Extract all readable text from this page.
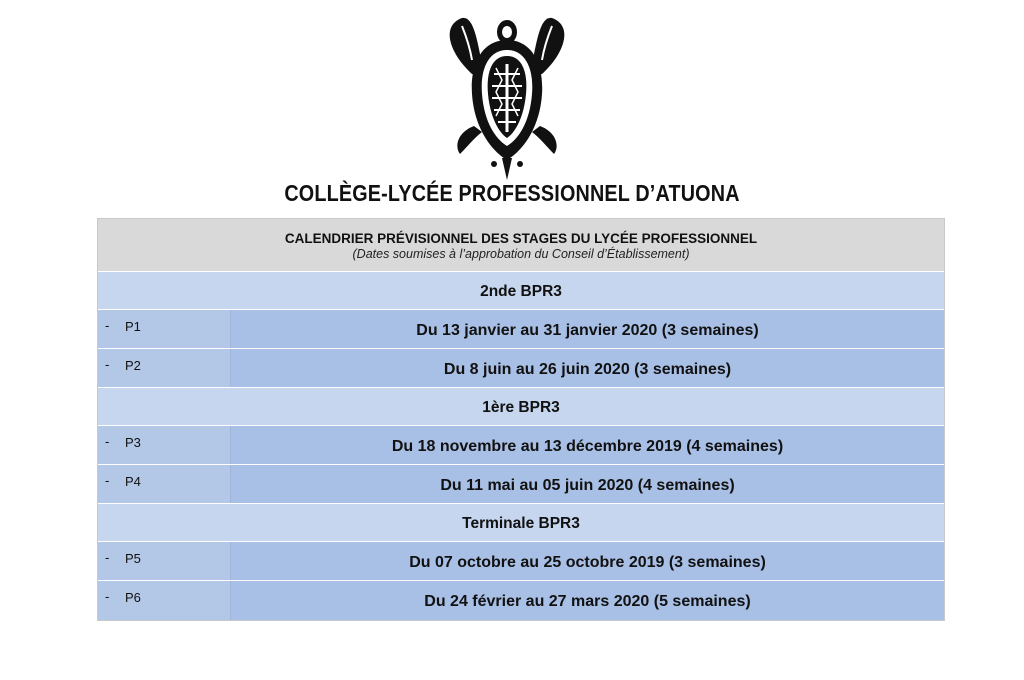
COLLÈGE-LYCÉE PROFESSIONNEL D’ATUONA
CALENDRIER PRÉVISIONNEL DES STAGES DU LYCÉE PROFESSIONNEL
(Dates soumises à l’approbation du Conseil d’Établissement)
2nde BPR3
- P1	Du 13 janvier au 31 janvier 2020 (3 semaines)
- P2	Du 8 juin au 26 juin 2020 (3 semaines)
1ère BPR3
- P3	Du 18 novembre au 13 décembre 2019 (4 semaines)
- P4	Du 11 mai au 05 juin 2020 (4 semaines)
Terminale BPR3
- P5	Du 07 octobre au 25 octobre 2019 (3 semaines)
- P6	Du 24 février au 27 mars 2020 (5 semaines)
